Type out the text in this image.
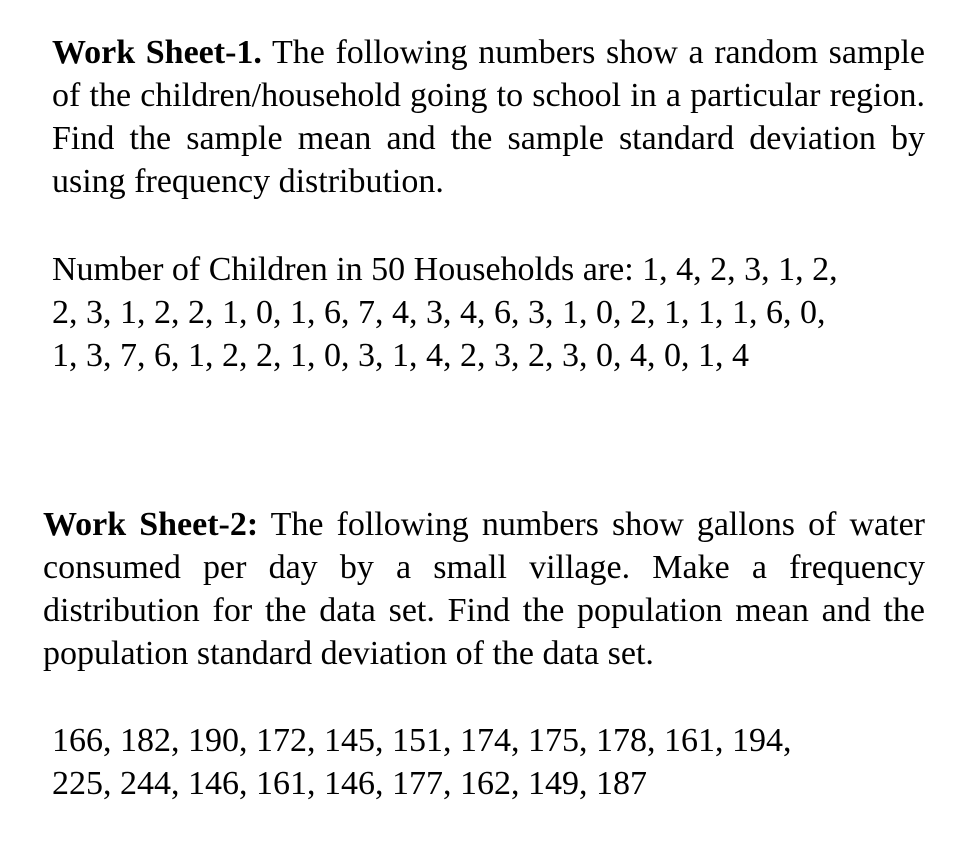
Work Sheet-1. The following numbers show a random sample of the children/household going to school in a particular region. Find the sample mean and the sample standard deviation by using frequency distribution.
Number of Children in 50 Households are: 1, 4, 2, 3, 1, 2,
2, 3, 1, 2, 2, 1, 0, 1, 6, 7, 4, 3, 4, 6, 3, 1, 0, 2, 1, 1, 1, 6, 0,
1, 3, 7, 6, 1, 2, 2, 1, 0, 3, 1, 4, 2, 3, 2, 3, 0, 4, 0, 1, 4
Work Sheet-2: The following numbers show gallons of water consumed per day by a small village. Make a frequency distribution for the data set. Find the population mean and the population standard deviation of the data set.
166, 182, 190, 172, 145, 151, 174, 175, 178, 161, 194,
225, 244, 146, 161, 146, 177, 162, 149, 187
